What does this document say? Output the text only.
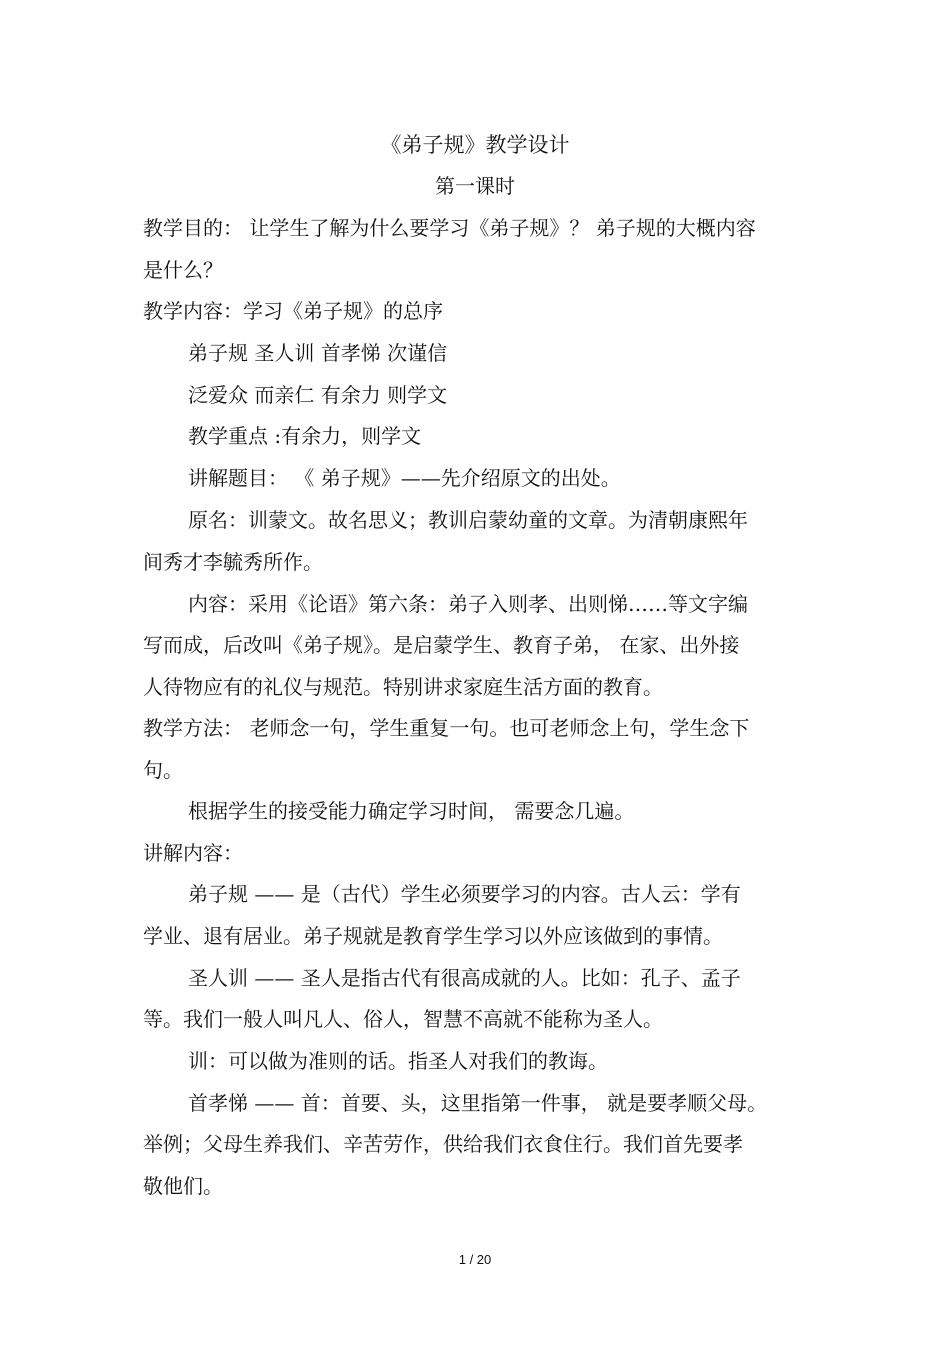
《弟子规》教学设计
第一课时
教学目的： 让学生了解为什么要学习《弟子规》？ 弟子规的大概内容
是什么？
教学内容：学习《弟子规》的总序
弟子规 圣人训 首孝悌 次谨信
泛爱众 而亲仁 有余力 则学文
教学重点 :有余力，则学文
讲解题目： 《 弟子规》——先介绍原文的出处。
原名：训蒙文。故名思义；教训启蒙幼童的文章。为清朝康熙年
间秀才李毓秀所作。
内容：采用《论语》第六条：弟子入则孝、出则悌……等文字编
写而成，后改叫《弟子规》。是启蒙学生、教育子弟， 在家、出外接
人待物应有的礼仪与规范。特别讲求家庭生活方面的教育。
教学方法： 老师念一句，学生重复一句。也可老师念上句，学生念下
句。
根据学生的接受能力确定学习时间， 需要念几遍。
讲解内容：
弟子规 —— 是（古代）学生必须要学习的内容。古人云：学有
学业、退有居业。弟子规就是教育学生学习以外应该做到的事情。
圣人训 —— 圣人是指古代有很高成就的人。比如：孔子、孟子
等。我们一般人叫凡人、俗人，智慧不高就不能称为圣人。
训：可以做为准则的话。指圣人对我们的教诲。
首孝悌 —— 首：首要、头，这里指第一件事， 就是要孝顺父母。
举例；父母生养我们、辛苦劳作，供给我们衣食住行。我们首先要孝
敬他们。
1 / 20
